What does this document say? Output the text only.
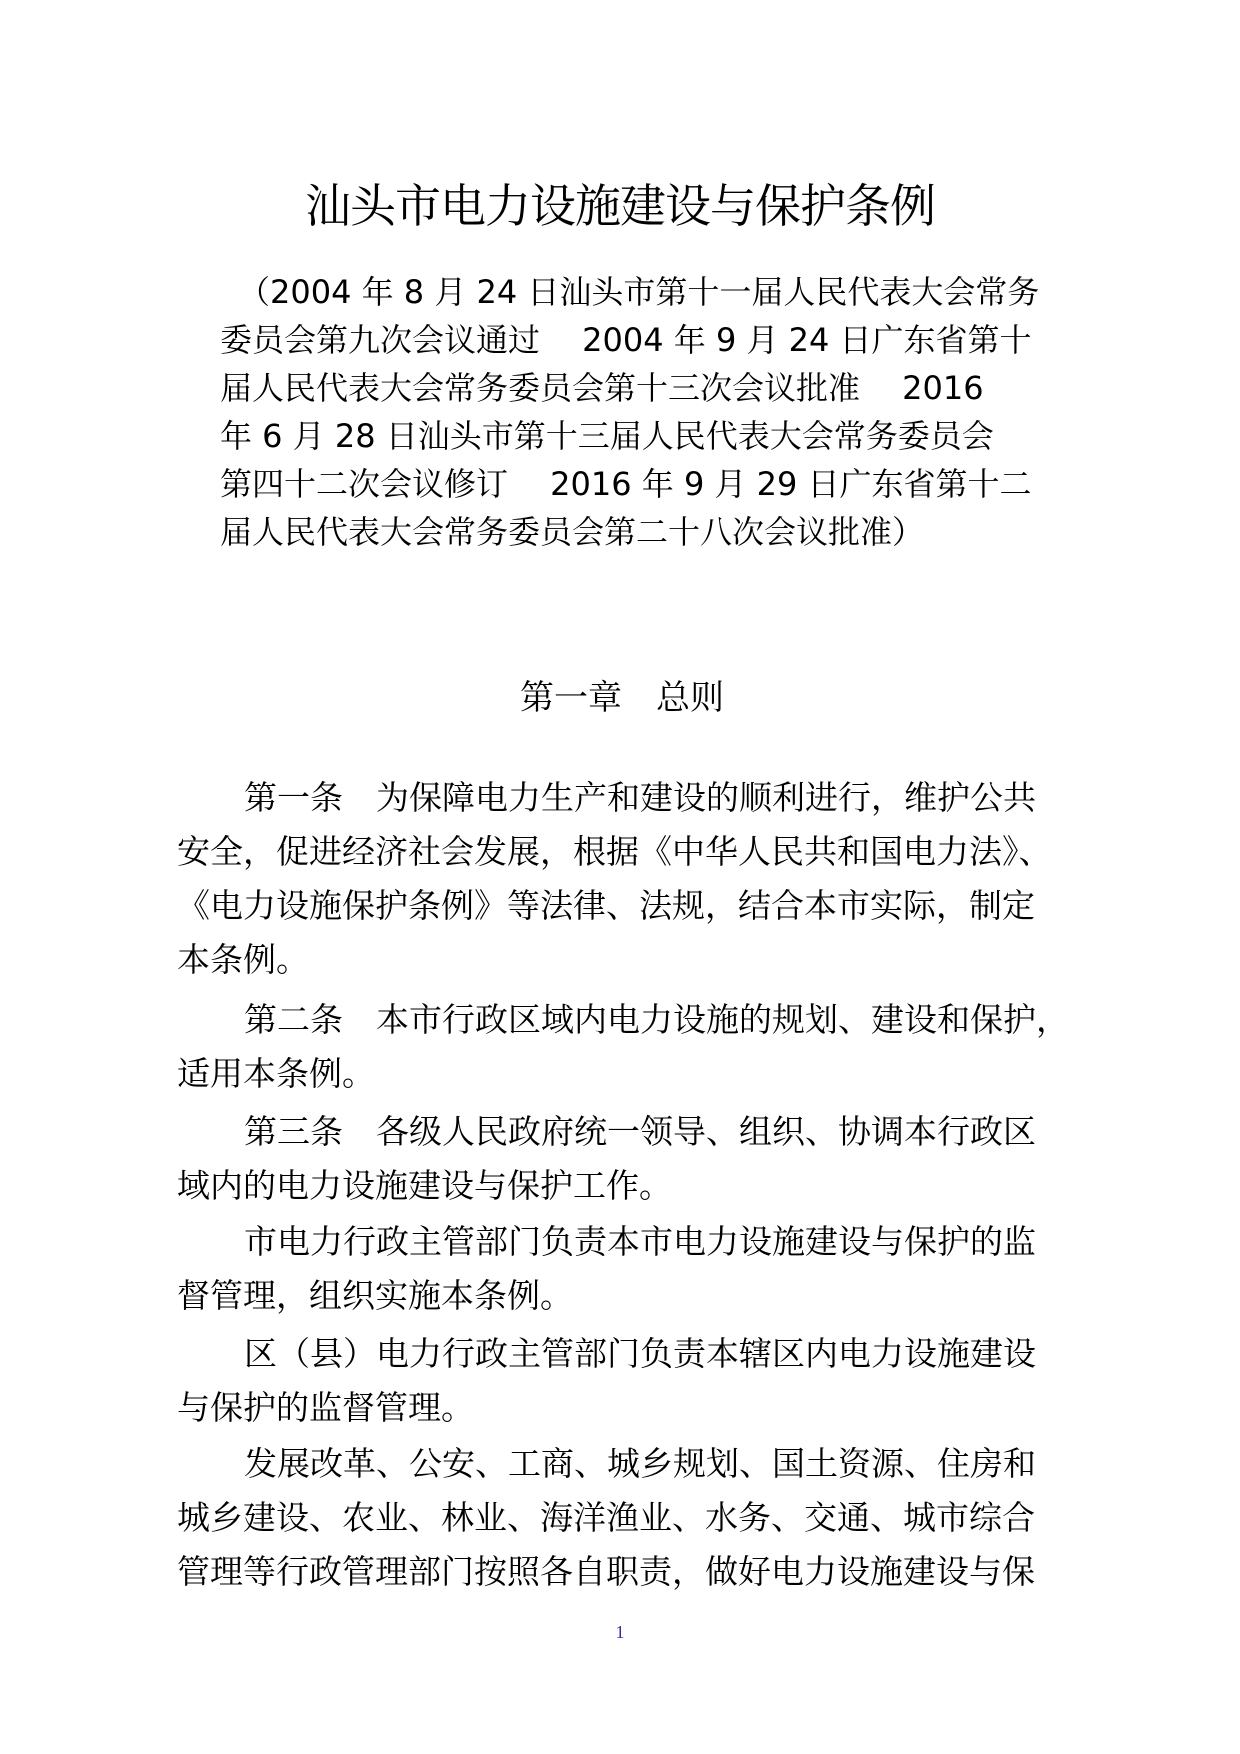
汕头市电力设施建设与保护条例
（2004 年 8 月 24 日汕头市第十一届人民代表大会常务
委员会第九次会议通过　 2004 年 9 月 24 日广东省第十
届人民代表大会常务委员会第十三次会议批准　 2016
年 6 月 28 日汕头市第十三届人民代表大会常务委员会
第四十二次会议修订　 2016 年 9 月 29 日广东省第十二
届人民代表大会常务委员会第二十八次会议批准）
第一章　总则
第一条　为保障电力生产和建设的顺利进行，维护公共
安全，促进经济社会发展，根据《中华人民共和国电力法》、
《电力设施保护条例》等法律、法规，结合本市实际，制定
本条例。
第二条　本市行政区域内电力设施的规划、建设和保护，
适用本条例。
第三条　各级人民政府统一领导、组织、协调本行政区
域内的电力设施建设与保护工作。
市电力行政主管部门负责本市电力设施建设与保护的监
督管理，组织实施本条例。
区（县）电力行政主管部门负责本辖区内电力设施建设
与保护的监督管理。
发展改革、公安、工商、城乡规划、国土资源、住房和
城乡建设、农业、林业、海洋渔业、水务、交通、城市综合
管理等行政管理部门按照各自职责，做好电力设施建设与保
1
